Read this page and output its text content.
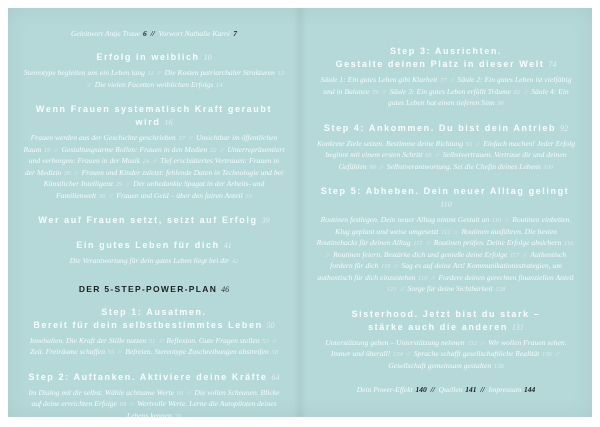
Geleitwort Antje Traue 6 // Vorwort Nathalie Karré 7
Erfolg in weiblich 10

Stereotype begleiten uns ein Leben lang 11 // Die Kosten patriarchaler Strukturen 13 // Die vielen Facetten weiblichen Erfolgs 14

Wenn Frauen systematisch Kraft geraubt wird 16

Frauen werden aus der Geschichte geschrieben 17 // Unsichtbar im öffentlichen Raum 19 // Gestaltungsarme Rollen: Frauen in den Medien 22 // Unterrepräsentiert und verborgen: Frauen in der Musik 24 // Tief erschüttertes Vertrauen: Frauen in der Medizin 26 // Frauen und Kinder zuletzt: fehlende Daten in Technologie und bei Künstlicher Intelligenz 29 // Der unbedankte Spagat in der Arbeits- und Familienwelt 30 // Frauen und Geld – über den fairen Anteil 33

Wer auf Frauen setzt, setzt auf Erfolg 39
Ein gutes Leben für dich 41

Die Verantwortung für dein gutes Leben liegt bei dir 42

DER 5-STEP-POWER-PLAN 46
Step 1: Ausatmen.
Bereit für dein selbstbestimmtes Leben 50

Innehalten. Die Kraft der Stille nutzen 51 // Reflexion. Gute Fragen stellen 53 // Zeit. Freiräume schaffen 55 // Befreien. Stereotype Zuschreibungen abstreifen 58

Step 2: Auftanken. Aktiviere deine Kräfte 64

Im Dialog mit dir selbst. Wähle achtsame Werte 66 // Die vollen Scheunen. Blicke auf deine erreichten Erfolge 68 // Wertvolle Werte. Lerne die Autopiloten deines Lebens kennen 70

Step 3: Ausrichten.
Gestalte deinen Platz in dieser Welt 74

Säule 1: Ein gutes Leben gibt Klarheit 77 // Säule 2: Ein gutes Leben ist vielfältig und in Balance 79 // Säule 3: Ein gutes Leben erfüllt Träume 82 // Säule 4: Ein gutes Leben hat einen tieferen Sinn 86

Step 4: Ankommen. Du bist dein Antrieb 92

Konkrete Ziele setzen. Bestimme deine Richtung 93 // Einfach machen! Jeder Erfolg beginnt mit einem ersten Schritt 95 // Selbstvertrauen. Vertraue dir und deinen Gefühlen 98 // Selbstverantwortung. Sei die Chefin deines Lebens 100

Step 5: Abheben. Dein neuer Alltag gelingt 110

Routinen festlegen. Dein neuer Alltag nimmt Gestalt an 110 // Routinen einbetten. Klug geplant und weise umgesetzt 112 // Routinen ausführen. Die besten Routinehacks für deinen Alltag 115 // Routinen prüfen. Deine Erfolge absichern 116 // Routinen feiern. Bestärke dich und genieße deine Erfolge 117 // Authentisch fordern für dich 118 // Sag es auf deine Art! Kommunikationsstrategien, um authentisch für dich einzustehen 119 // Fordere deinen gerechten finanziellen Anteil 121 // Sorge für deine Sichtbarkeit 128

Sisterhood. Jetzt bist du stark –
stärke auch die anderen 131

Unterstützung geben – Unterstützung nehmen 132 // Wir wollen Frauen sehen. Immer und überall! 134 // Sprache schafft gesellschaftliche Realität 136 // Gesellschaft gemeinsam gestalten 138

Dein Power-Effekt 140 // Quellen 141 // Impressum 144
